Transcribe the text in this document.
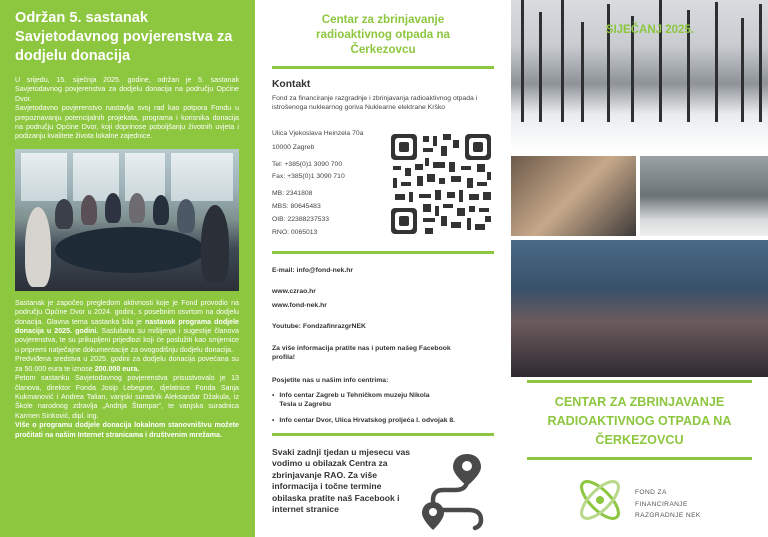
Održan 5. sastanak Savjetodavnog povjerenstva za dodjelu donacija
U srijedu, 15. siječnja 2025. godine, održan je 5. sastanak Savjetodavnog povjerenstva za dodjelu donacija na području Općine Dvor.
Savjetodavno povjerenstvo nastavlja svoj rad kao potpora Fondu u prepoznavanju potencijalnih projekata, programa i korisnika donacija na području Općine Dvor, koji doprinose poboljšanju životnih uvjeta i podizanju kvalitete života lokalne zajednice.
Sastanak je započeo pregledom aktivnosti koje je Fond provodio na području Općine Dvor u 2024. godini, s posebnim osvrtom na dodjelu donacija. Glavna tema sastanka bila je nastavak programa dodjele donacija u 2025. godini. Saslušana su mišljenja i sugestije članova povjerenstva, te su prikupljeni prijedlozi koji će poslužiti kao smjernice u pripremi natječajne dokumentacije za ovogodišnju dodjelu donacija.
Predviđena sredstva u 2025. godini za dodjelu donacija povećana su za 50.000 eura te iznose 200.000 eura.
Petom sastanku Savjetodavnog povjerenstva prisustvovalo je 13 članova, direktor Fonda Josip Lebegner, djelatnice Fonda Sanja Kukmanović i Andrea Talian, vanjski suradnik Aleksandar Džakula, iz Škole narodnog zdravlja „Andrija Štampar“, te vanjska suradnica Karmen Sinković, dipl. ing.
Više o programu dodjele donacija lokalnom stanovništvu možete pročitati na našim Internet stranicama i društvenim mrežama.
Centar za zbrinjavanje radioaktivnog otpada na Čerkezovcu
Kontakt
Fond za financiranje razgradnje i zbrinjavanja radioaktivnog otpada i istrošenoga nuklearnog goriva Nuklearne elektrane Krško
Ulica Vjekoslava Heinzela 70a
10000 Zagreb
Tel: +385(0)1 3090 700
Fax: +385(0)1 3090 710
MB: 2341808
MBS: 80645483
OIB: 22388237533
RNO: 0065013
E-mail: info@fond-nek.hr
www.czrao.hr
www.fond-nek.hr
Youtube: FondzafinrazgrNEK
Za više informacija pratite nas i putem našeg Facebook profila!
Posjetite nas u našim info centrima:
• Info centar Zagreb u Tehničkom muzeju Nikola Tesla u Zagrebu
• Info centar Dvor, Ulica Hrvatskog proljeća I. odvojak 8.
Svaki zadnji tjedan u mjesecu vas vodimo u obilazak Centra za zbrinjavanje RAO. Za više informacija i točne termine obilaska pratite naš Facebook i internet stranice
SIJEČANJ 2025.
CENTAR ZA ZBRINJAVANJE RADIOAKTIVNOG OTPADA NA ČERKEZOVCU
FOND ZA
FINANCIRANJE
RAZGRADNJE NEK
